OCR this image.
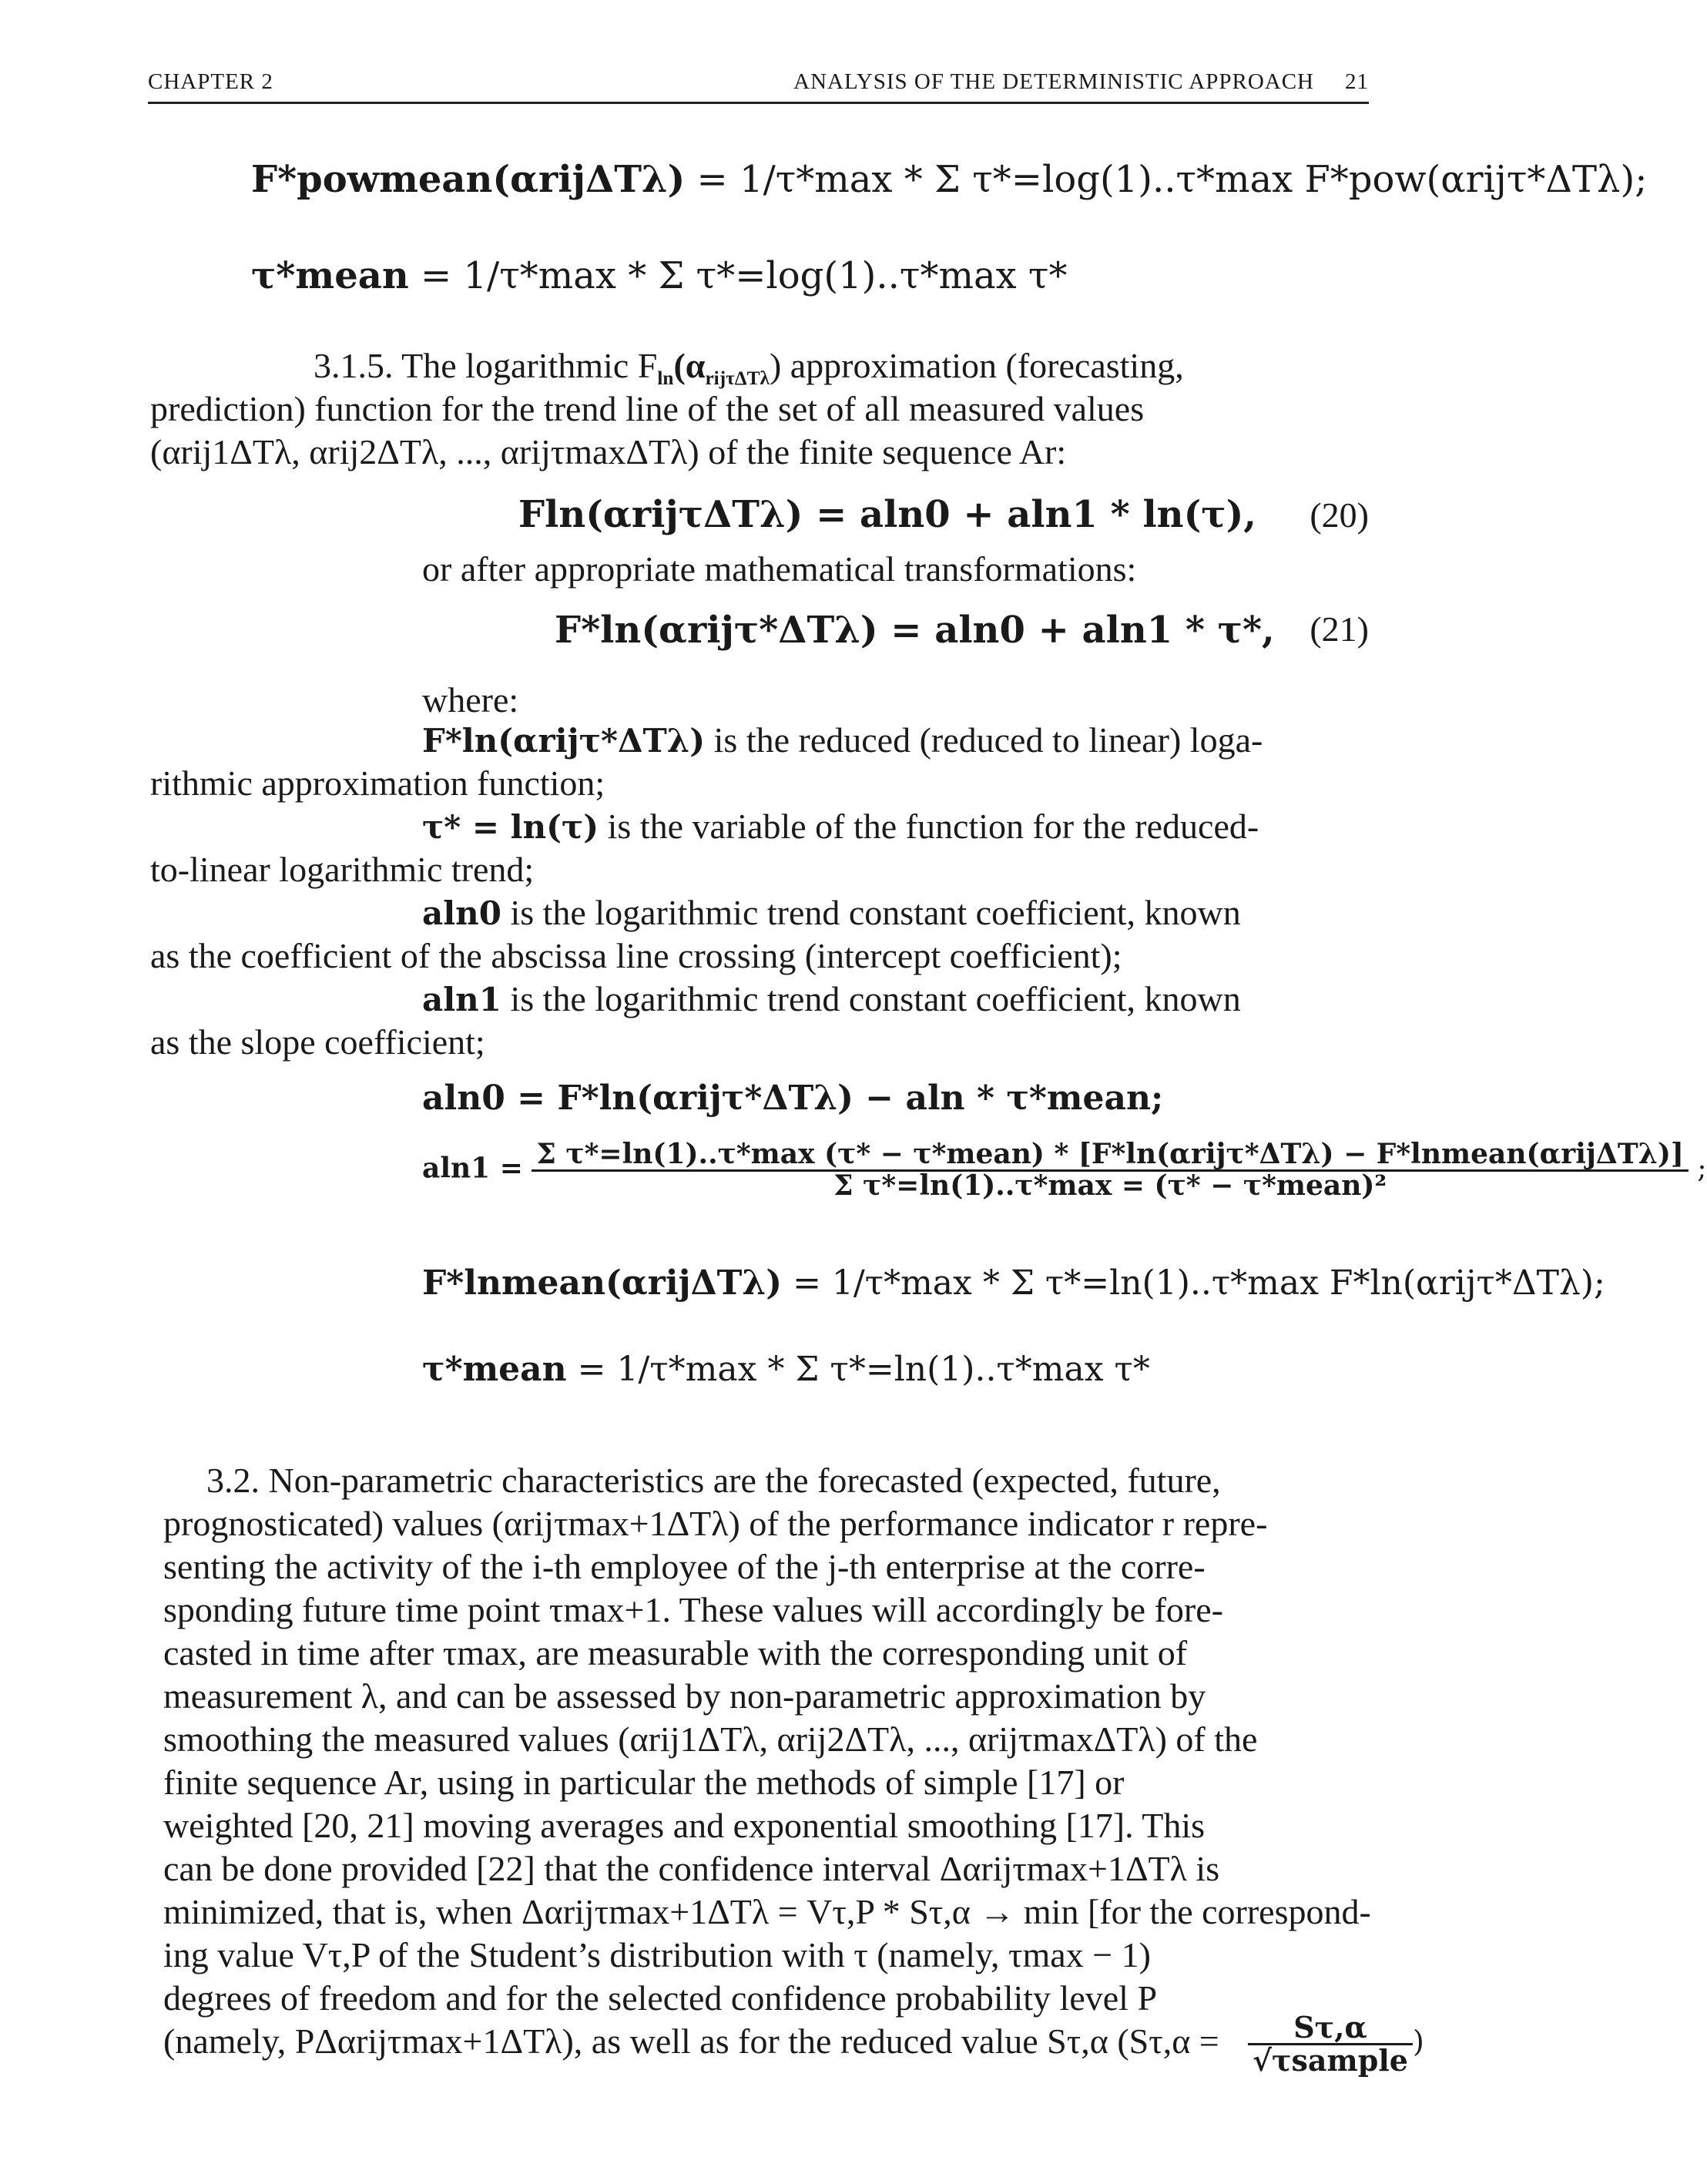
CHAPTER 2	ANALYSIS OF THE DETERMINISTIC APPROACH 21
F*powmean(αrijΔTλ) = 1/τ*max * Σ τ*=log(1)..τ*max F*pow(αrijτ*ΔTλ);
τ*mean = 1/τ*max * Σ τ*=log(1)..τ*max τ*
3.1.5. The logarithmic $F_{ln}(\alpha_{rij\tau\Delta T\lambda})$ approximation (forecasting,
prediction) function for the trend line of the set of all measured values
(αrij1ΔTλ, αrij2ΔTλ, ..., αrijτmaxΔTλ) of the finite sequence Ar:
Fln(αrijτΔTλ) = aln0 + aln1 * ln(τ), (20)
or after appropriate mathematical transformations:
F*ln(αrijτ*ΔTλ) = aln0 + aln1 * τ*, (21)
where:
F*ln(αrijτ*ΔTλ) is the reduced (reduced to linear) loga-
rithmic approximation function;
τ* = ln(τ) is the variable of the function for the reduced-
to-linear logarithmic trend;
aln0 is the logarithmic trend constant coefficient, known
as the coefficient of the abscissa line crossing (intercept coefficient);
aln1 is the logarithmic trend constant coefficient, known
as the slope coefficient;
aln0 = F*ln(αrijτ*ΔTλ) − aln * τ*mean;
aln1 = Σ τ*=ln(1)..τ*max (τ* − τ*mean) * [F*ln(αrijτ*ΔTλ) − F*lnmean(αrijΔTλ)]
Σ τ*=ln(1)..τ*max = (τ* − τ*mean)²
;
F*lnmean(αrijΔTλ) = 1/τ*max * Σ τ*=ln(1)..τ*max F*ln(αrijτ*ΔTλ);
τ*mean = 1/τ*max * Σ τ*=ln(1)..τ*max τ*
3.2. Non-parametric characteristics are the forecasted (expected, future,
prognosticated) values (αrijτmax+1ΔTλ) of the performance indicator r repre-
senting the activity of the i-th employee of the j-th enterprise at the corre-
sponding future time point τmax+1. These values will accordingly be fore-
casted in time after τmax, are measurable with the corresponding unit of
measurement λ, and can be assessed by non-parametric approximation by
smoothing the measured values (αrij1ΔTλ, αrij2ΔTλ, ..., αrijτmaxΔTλ) of the
finite sequence Ar, using in particular the methods of simple [17] or
weighted [20, 21] moving averages and exponential smoothing [17]. This
can be done provided [22] that the confidence interval Δαrijτmax+1ΔTλ is
minimized, that is, when Δαrijτmax+1ΔTλ = Vτ,P * Sτ,α → min [for the correspond-
ing value Vτ,P of the Student’s distribution with τ (namely, τmax − 1)
degrees of freedom and for the selected confidence probability level P
(namely, PΔαrijτmax+1ΔTλ), as well as for the reduced value Sτ,α ($S\tau,\alpha = \frac{S\tau,\alpha}{\text{√τsample}}$ )
